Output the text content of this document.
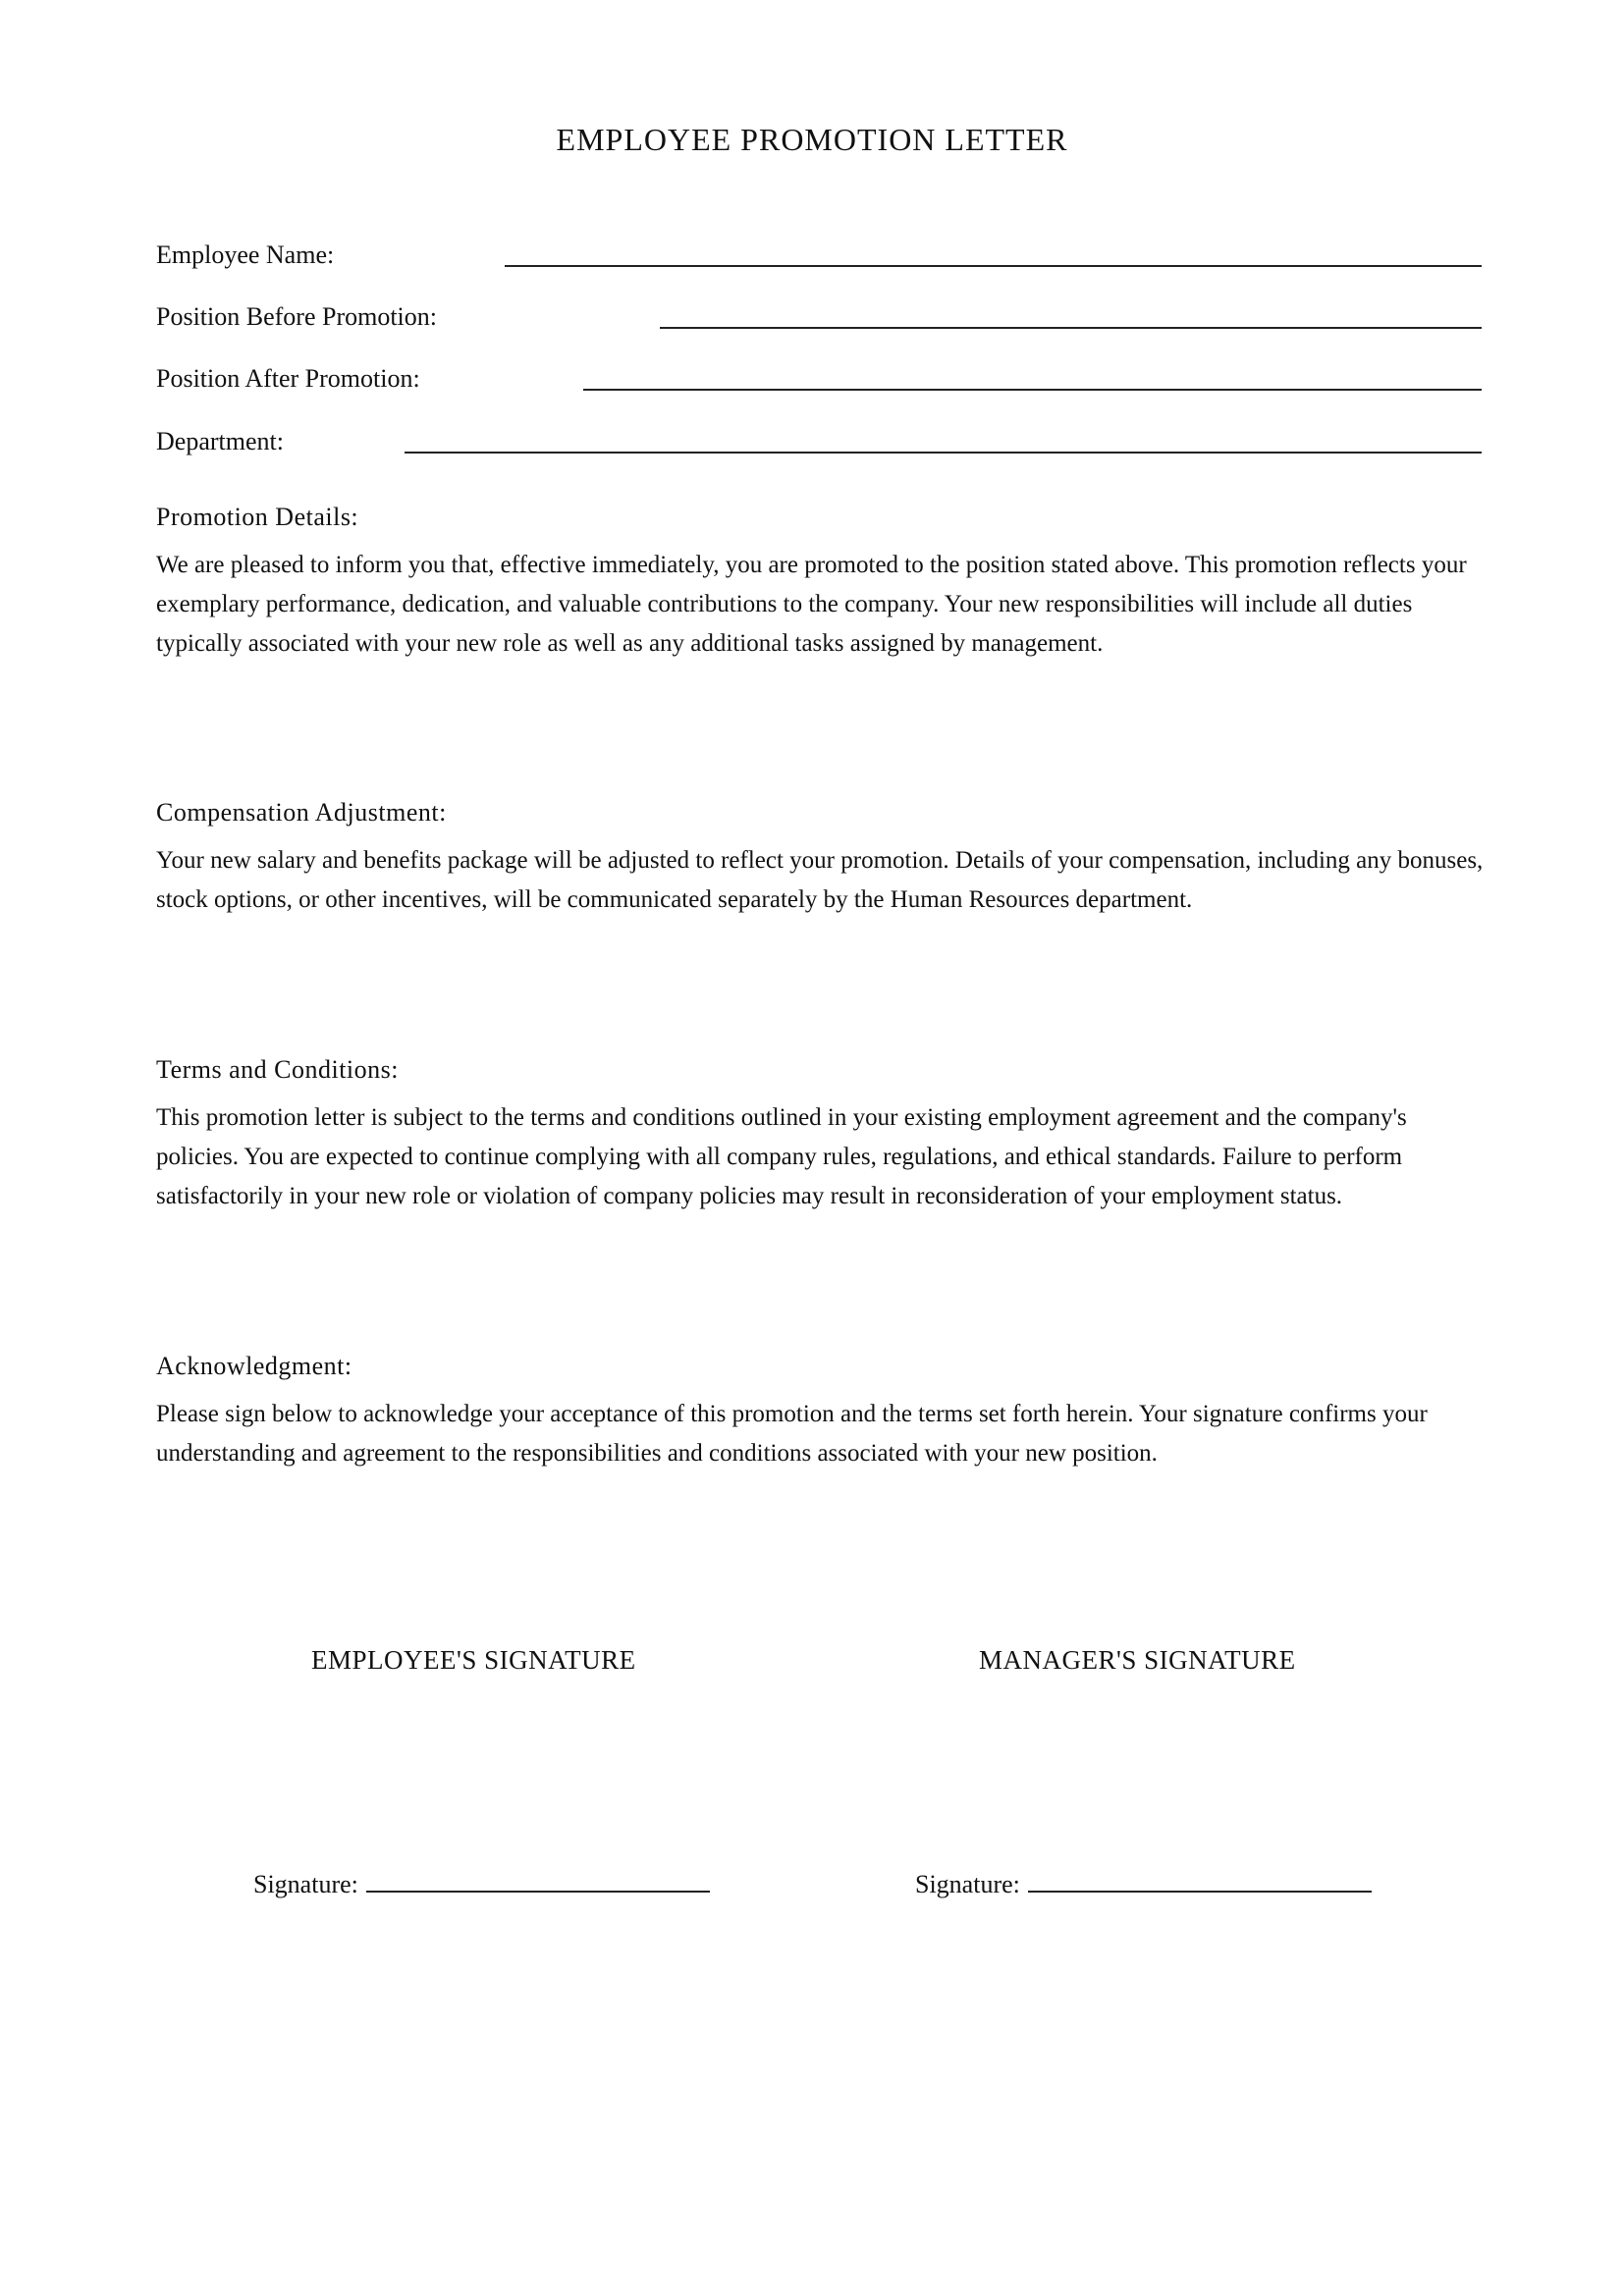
EMPLOYEE PROMOTION LETTER
Employee Name:
Position Before Promotion:
Position After Promotion:
Department:
Promotion Details:

We are pleased to inform you that, effective immediately, you are promoted to the position stated above. This promotion reflects your exemplary performance, dedication, and valuable contributions to the company. Your new responsibilities will include all duties typically associated with your new role as well as any additional tasks assigned by management.

Compensation Adjustment:

Your new salary and benefits package will be adjusted to reflect your promotion. Details of your compensation, including any bonuses, stock options, or other incentives, will be communicated separately by the Human Resources department.

Terms and Conditions:

This promotion letter is subject to the terms and conditions outlined in your existing employment agreement and the company's policies. You are expected to continue complying with all company rules, regulations, and ethical standards. Failure to perform satisfactorily in your new role or violation of company policies may result in reconsideration of your employment status.

Acknowledgment:

Please sign below to acknowledge your acceptance of this promotion and the terms set forth herein. Your signature confirms your understanding and agreement to the responsibilities and conditions associated with your new position.

EMPLOYEE'S SIGNATURE	MANAGER'S SIGNATURE
Signature:	Signature:
